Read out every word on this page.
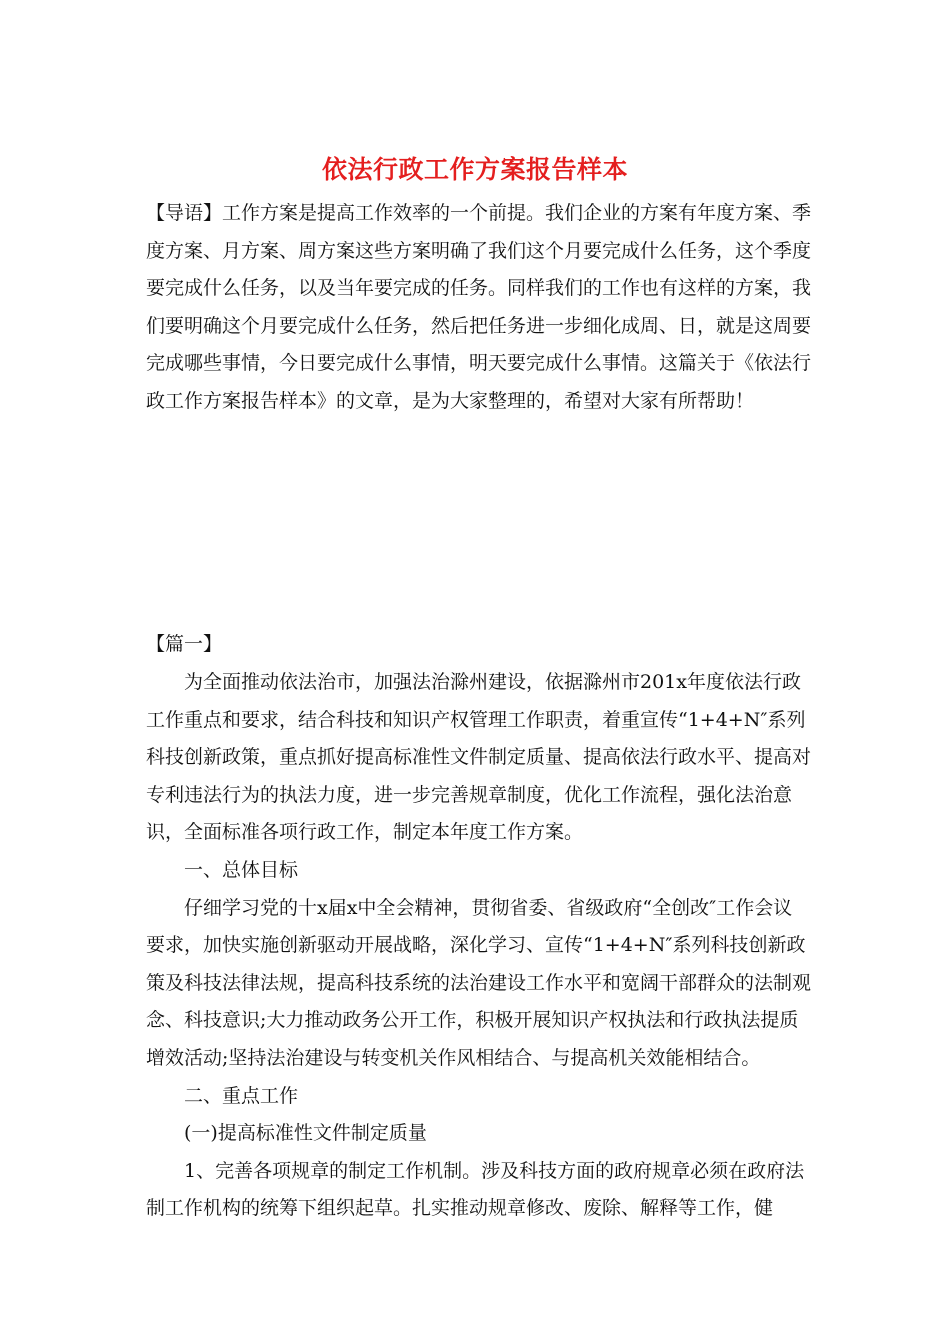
依法行政工作方案报告样本

【导语】工作方案是提高工作效率的一个前提。我们企业的方案有年度方案、季度方案、月方案、周方案这些方案明确了我们这个月要完成什么任务，这个季度要完成什么任务，以及当年要完成的任务。同样我们的工作也有这样的方案，我们要明确这个月要完成什么任务，然后把任务进一步细化成周、日，就是这周要完成哪些事情，今日要完成什么事情，明天要完成什么事情。这篇关于《依法行政工作方案报告样本》的文章，是为大家整理的，希望对大家有所帮助！

【篇一】

为全面推动依法治市，加强法治滁州建设，依据滁州市201x年度依法行政工作重点和要求，结合科技和知识产权管理工作职责，着重宣传“1+4+N″系列科技创新政策，重点抓好提高标准性文件制定质量、提高依法行政水平、提高对专利违法行为的执法力度，进一步完善规章制度，优化工作流程，强化法治意识，全面标准各项行政工作，制定本年度工作方案。

一、总体目标

仔细学习党的十x届x中全会精神，贯彻省委、省级政府“全创改″工作会议要求，加快实施创新驱动开展战略，深化学习、宣传“1+4+N″系列科技创新政策及科技法律法规，提高科技系统的法治建设工作水平和宽阔干部群众的法制观念、科技意识;大力推动政务公开工作，积极开展知识产权执法和行政执法提质增效活动;坚持法治建设与转变机关作风相结合、与提高机关效能相结合。

二、重点工作

(一)提高标准性文件制定质量

1、完善各项规章的制定工作机制。涉及科技方面的政府规章必须在政府法制工作机构的统筹下组织起草。扎实推动规章修改、废除、解释等工作，健
